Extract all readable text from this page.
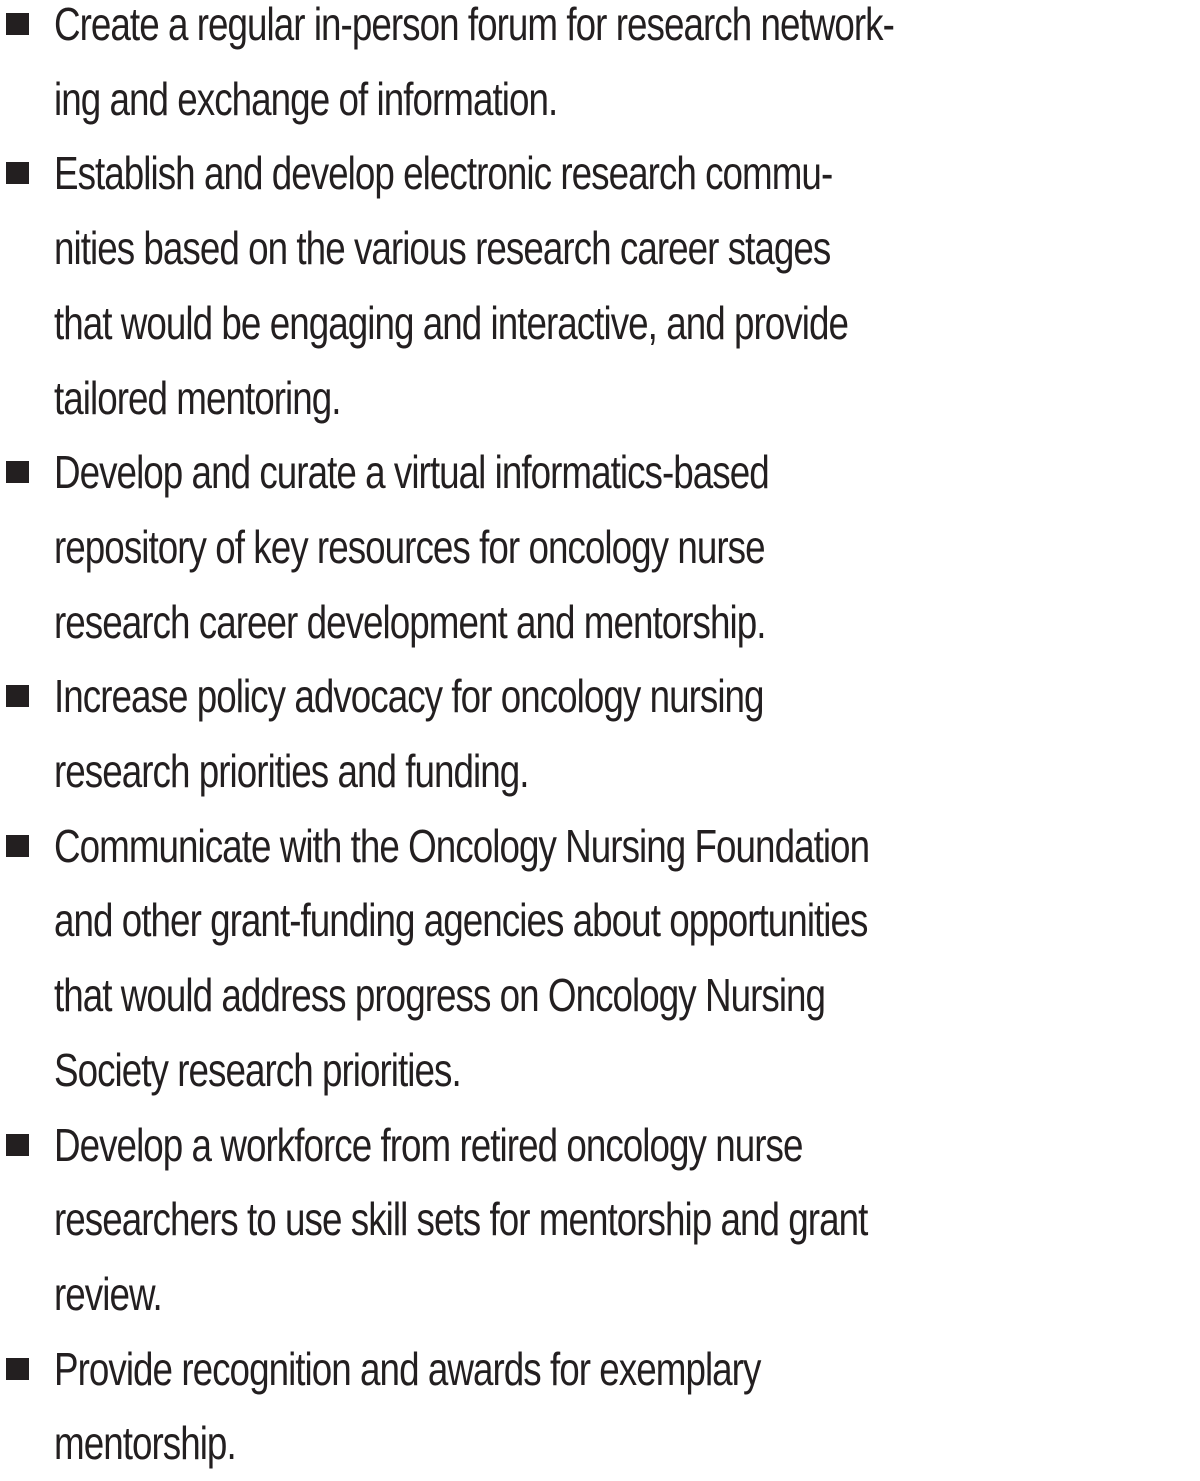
Create a regular in-person forum for research network-
ing and exchange of information.
Establish and develop electronic research commu-
nities based on the various research career stages
that would be engaging and interactive, and provide
tailored mentoring.
Develop and curate a virtual informatics-based
repository of key resources for oncology nurse
research career development and mentorship.
Increase policy advocacy for oncology nursing
research priorities and funding.
Communicate with the Oncology Nursing Foundation
and other grant-funding agencies about opportunities
that would address progress on Oncology Nursing
Society research priorities.
Develop a workforce from retired oncology nurse
researchers to use skill sets for mentorship and grant
review.
Provide recognition and awards for exemplary
mentorship.
